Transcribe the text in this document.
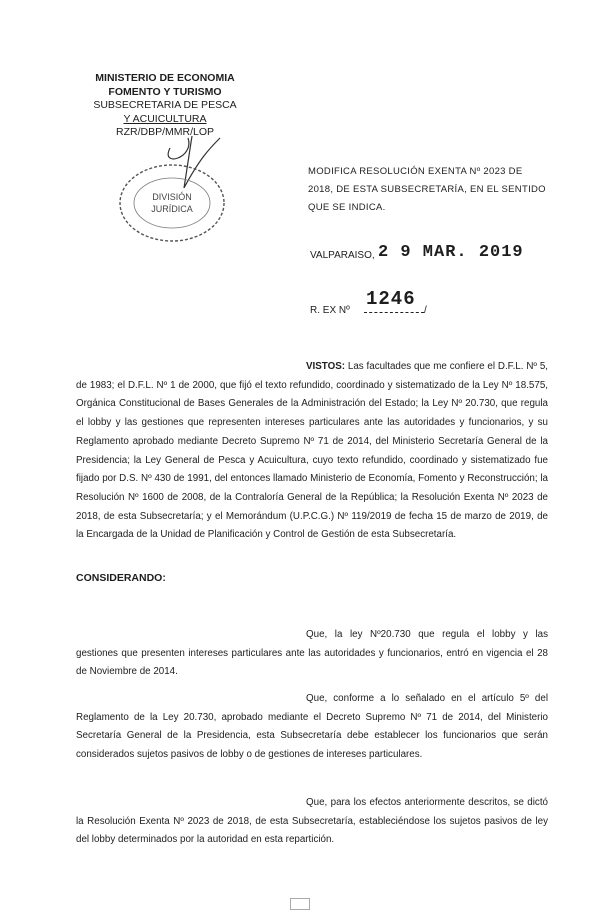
MINISTERIO DE ECONOMIA
FOMENTO Y TURISMO
SUBSECRETARIA DE PESCA
Y ACUICULTURA
RZR/DBP/MMR/LOP
DIVISIÓN
JURÍDICA
MODIFICA RESOLUCIÓN EXENTA Nº 2023 DE 2018, DE ESTA SUBSECRETARÍA, EN EL SENTIDO QUE SE INDICA.
VALPARAISO, 2 9 MAR. 2019
R. EX Nº
1246
/
VISTOS: Las facultades que me confiere el D.F.L. Nº 5, de 1983; el D.F.L. Nº 1 de 2000, que fijó el texto refundido, coordinado y sistematizado de la Ley Nº 18.575, Orgánica Constitucional de Bases Generales de la Administración del Estado; la Ley Nº 20.730, que regula el lobby y las gestiones que representen intereses particulares ante las autoridades y funcionarios, y su Reglamento aprobado mediante Decreto Supremo Nº 71 de 2014, del Ministerio Secretaría General de la Presidencia; la Ley General de Pesca y Acuicultura, cuyo texto refundido, coordinado y sistematizado fue fijado por D.S. Nº 430 de 1991, del entonces llamado Ministerio de Economía, Fomento y Reconstrucción; la Resolución Nº 1600 de 2008, de la Contraloría General de la República; la Resolución Exenta Nº 2023 de 2018, de esta Subsecretaría; y el Memorándum (U.P.C.G.) Nº 119/2019 de fecha 15 de marzo de 2019, de la Encargada de la Unidad de Planificación y Control de Gestión de esta Subsecretaría.
CONSIDERANDO:
Que, la ley Nº20.730 que regula el lobby y las gestiones que presenten intereses particulares ante las autoridades y funcionarios, entró en vigencia el 28 de Noviembre de 2014.
Que, conforme a lo señalado en el artículo 5º del Reglamento de la Ley 20.730, aprobado mediante el Decreto Supremo Nº 71 de 2014, del Ministerio Secretaría General de la Presidencia, esta Subsecretaría debe establecer los funcionarios que serán considerados sujetos pasivos de lobby o de gestiones de intereses particulares.
Que, para los efectos anteriormente descritos, se dictó la Resolución Exenta Nº 2023 de 2018, de esta Subsecretaría, estableciéndose los sujetos pasivos de ley del lobby determinados por la autoridad en esta repartición.
